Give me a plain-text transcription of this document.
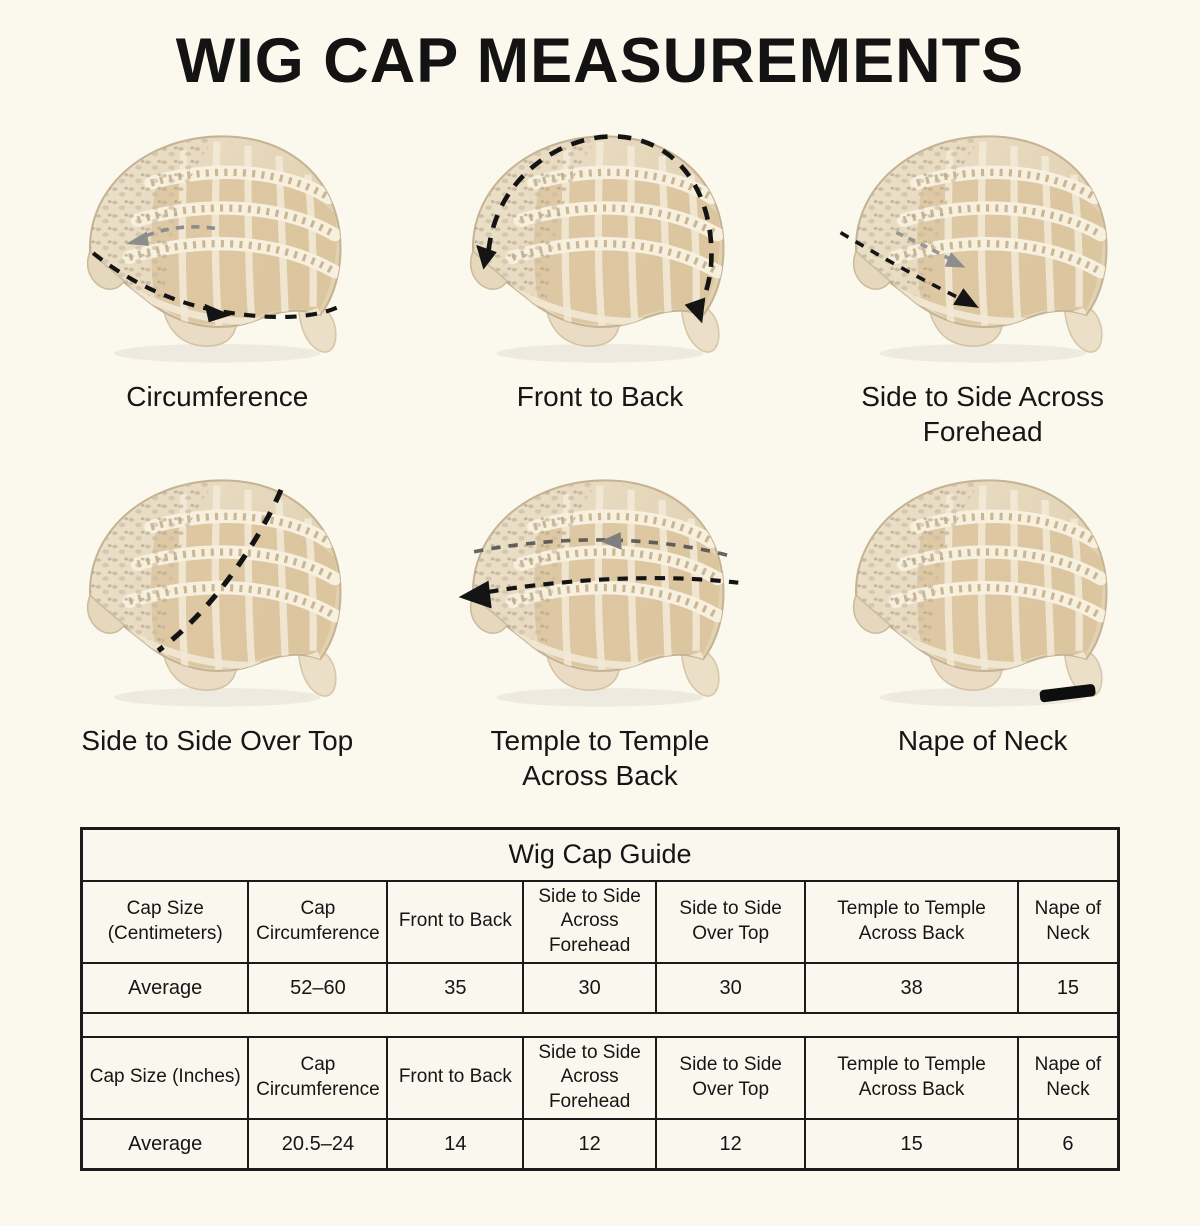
WIG CAP MEASUREMENTS
Circumference	Front to Back	Side to Side Across Forehead
Side to Side Over Top	Temple to Temple Across Back
Nape of Neck
Wig Cap Guide						
Cap Size (Centimeters)	Cap Circumference	Front to Back	Side to Side Across Forehead	Side to Side Over Top	Temple to Temple Across Back	Nape of Neck
Average	52–60	35	30	30	38	15

Cap Size (Inches)	Cap Circumference	Front to Back	Side to Side Across Forehead	Side to Side Over Top	Temple to Temple Across Back	Nape of Neck
Average	20.5–24	14	12	12	15	6
